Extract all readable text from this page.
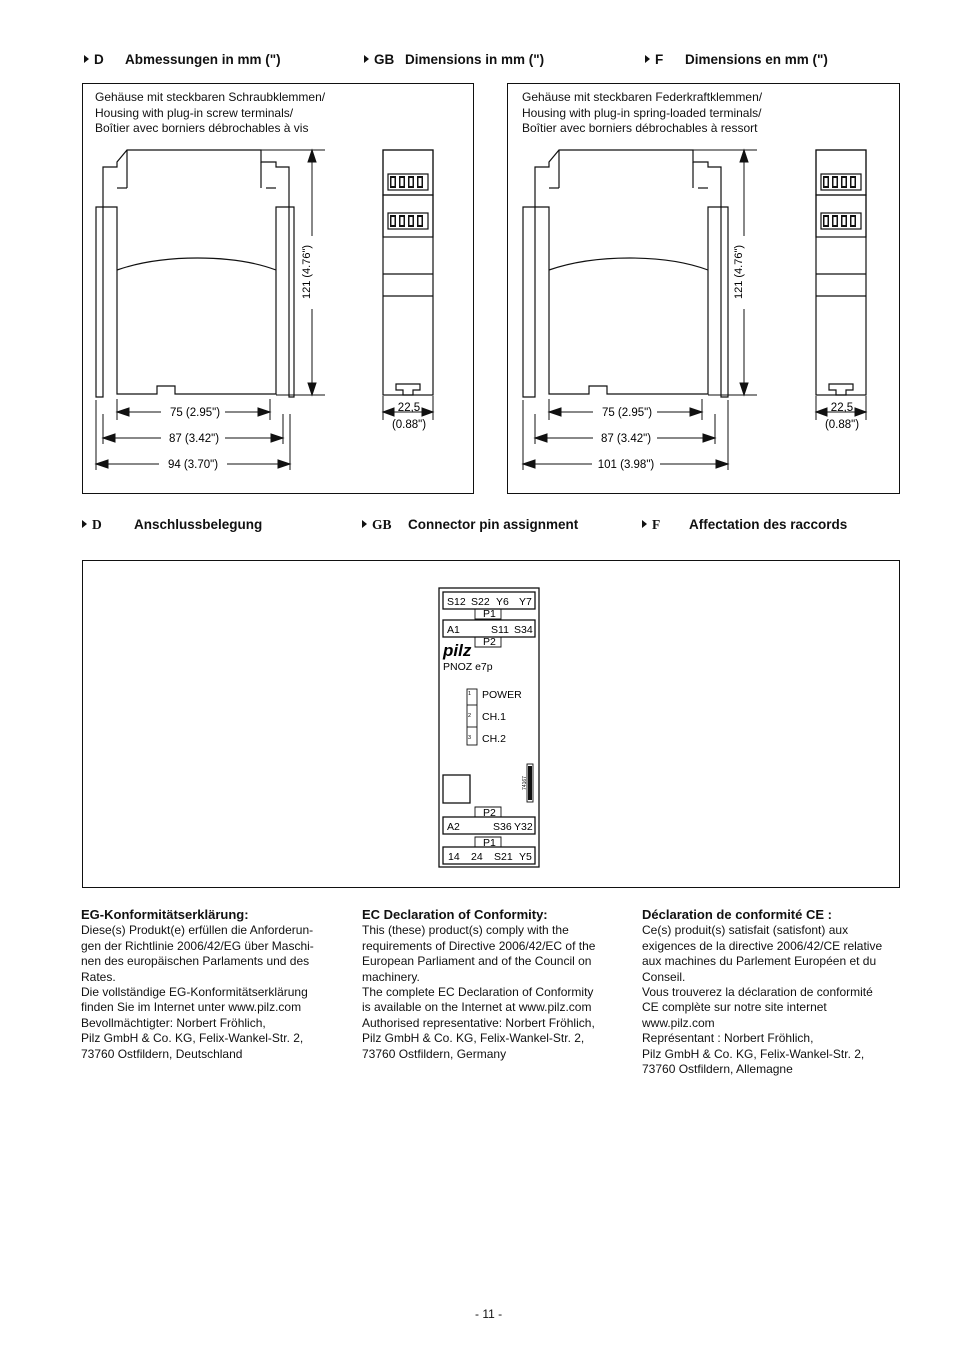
D Abmessungen in mm (")	GB Dimensions in mm (")	F Dimensions en mm (")
Gehäuse mit steckbaren Schraubklemmen/
Housing with plug-in screw terminals/
Boîtier avec borniers débrochables à vis
121 (4.76")
75 (2.95")
87 (3.42")
94 (3.70")
22,5
(0.88")
Gehäuse mit steckbaren Federkraftklemmen/
Housing with plug-in spring-loaded terminals/
Boîtier avec borniers débrochables à ressort
121 (4.76")
75 (2.95")
87 (3.42")
101 (3.98")
22,5
(0.88")
D Anschlussbelegung	GB Connector pin assignment	F Affectation des raccords
S12 S22 Y6 Y7
P1
A1	S11 S34
P2
pilz
PNOZ e7p
1
2
3
POWER
CH.1
CH.2
74167
P2
A2	S36 Y32
P1
14 24 S21 Y5
EG-Konformitätserklärung:

Diese(s) Produkt(e) erfüllen die Anforderun-

gen der Richtlinie 2006/42/EG über Maschi-

nen des europäischen Parlaments und des

Rates.

Die vollständige EG-Konformitätserklärung

finden Sie im Internet unter www.pilz.com

Bevollmächtigter: Norbert Fröhlich,

Pilz GmbH & Co. KG, Felix-Wankel-Str. 2,

73760 Ostfildern, Deutschland

EC Declaration of Conformity:

This (these) product(s) comply with the

requirements of Directive 2006/42/EC of the

European Parliament and of the Council on

machinery.

The complete EC Declaration of Conformity

is available on the Internet at www.pilz.com

Authorised representative: Norbert Fröhlich,

Pilz GmbH & Co. KG, Felix-Wankel-Str. 2,

73760 Ostfildern, Germany

Déclaration de conformité CE :

Ce(s) produit(s) satisfait (satisfont) aux

exigences de la directive 2006/42/CE relative

aux machines du Parlement Européen et du

Conseil.

Vous trouverez la déclaration de conformité

CE complète sur notre site internet

www.pilz.com

Représentant : Norbert Fröhlich,

Pilz GmbH & Co. KG, Felix-Wankel-Str. 2,

73760 Ostfildern, Allemagne

- 11 -
